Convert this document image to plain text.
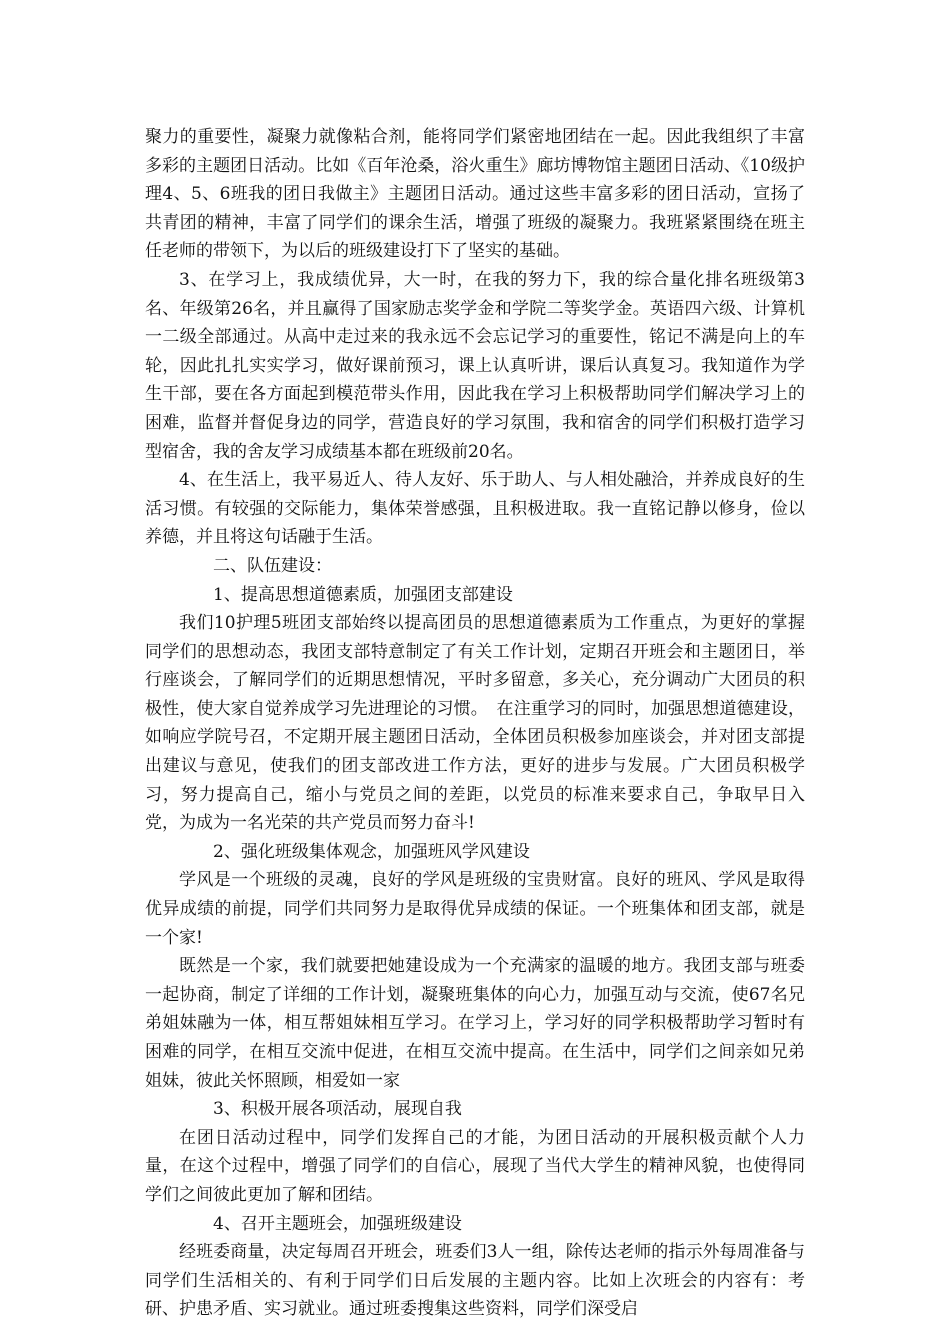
聚力的重要性，凝聚力就像粘合剂，能将同学们紧密地团结在一起。因此我组织了丰富多彩的主题团日活动。比如《百年沧桑，浴火重生》廊坊博物馆主题团日活动、《10级护理4、5、6班我的团日我做主》主题团日活动。通过这些丰富多彩的团日活动，宣扬了共青团的精神，丰富了同学们的课余生活，增强了班级的凝聚力。我班紧紧围绕在班主任老师的带领下，为以后的班级建设打下了坚实的基础。

3、在学习上，我成绩优异，大一时，在我的努力下，我的综合量化排名班级第3名、年级第26名，并且赢得了国家励志奖学金和学院二等奖学金。英语四六级、计算机一二级全部通过。从高中走过来的我永远不会忘记学习的重要性，铭记不满是向上的车轮，因此扎扎实实学习，做好课前预习，课上认真听讲，课后认真复习。我知道作为学生干部，要在各方面起到模范带头作用，因此我在学习上积极帮助同学们解决学习上的困难，监督并督促身边的同学，营造良好的学习氛围，我和宿舍的同学们积极打造学习型宿舍，我的舍友学习成绩基本都在班级前20名。

4、在生活上，我平易近人、待人友好、乐于助人、与人相处融洽，并养成良好的生活习惯。有较强的交际能力，集体荣誉感强，且积极进取。我一直铭记静以修身，俭以养德，并且将这句话融于生活。

二、队伍建设：

1、提高思想道德素质，加强团支部建设

我们10护理5班团支部始终以提高团员的思想道德素质为工作重点，为更好的掌握同学们的思想动态，我团支部特意制定了有关工作计划，定期召开班会和主题团日，举行座谈会，了解同学们的近期思想情况，平时多留意，多关心，充分调动广大团员的积极性，使大家自觉养成学习先进理论的习惯。　在注重学习的同时，加强思想道德建设，如响应学院号召，不定期开展主题团日活动，全体团员积极参加座谈会，并对团支部提出建议与意见，使我们的团支部改进工作方法，更好的进步与发展。广大团员积极学习，努力提高自己，缩小与党员之间的差距，以党员的标准来要求自己，争取早日入党，为成为一名光荣的共产党员而努力奋斗!

2、强化班级集体观念，加强班风学风建设

学风是一个班级的灵魂，良好的学风是班级的宝贵财富。良好的班风、学风是取得优异成绩的前提，同学们共同努力是取得优异成绩的保证。一个班集体和团支部，就是一个家!

既然是一个家，我们就要把她建设成为一个充满家的温暖的地方。我团支部与班委一起协商，制定了详细的工作计划，凝聚班集体的向心力，加强互动与交流，使67名兄弟姐妹融为一体，相互帮姐妹相互学习。在学习上，学习好的同学积极帮助学习暂时有困难的同学，在相互交流中促进，在相互交流中提高。在生活中，同学们之间亲如兄弟姐妹，彼此关怀照顾，相爱如一家

3、积极开展各项活动，展现自我

在团日活动过程中，同学们发挥自己的才能，为团日活动的开展积极贡献个人力量，在这个过程中，增强了同学们的自信心，展现了当代大学生的精神风貌，也使得同学们之间彼此更加了解和团结。

4、召开主题班会，加强班级建设

经班委商量，决定每周召开班会，班委们3人一组，除传达老师的指示外每周准备与同学们生活相关的、有利于同学们日后发展的主题内容。比如上次班会的内容有：考研、护患矛盾、实习就业。通过班委搜集这些资料，同学们深受启
